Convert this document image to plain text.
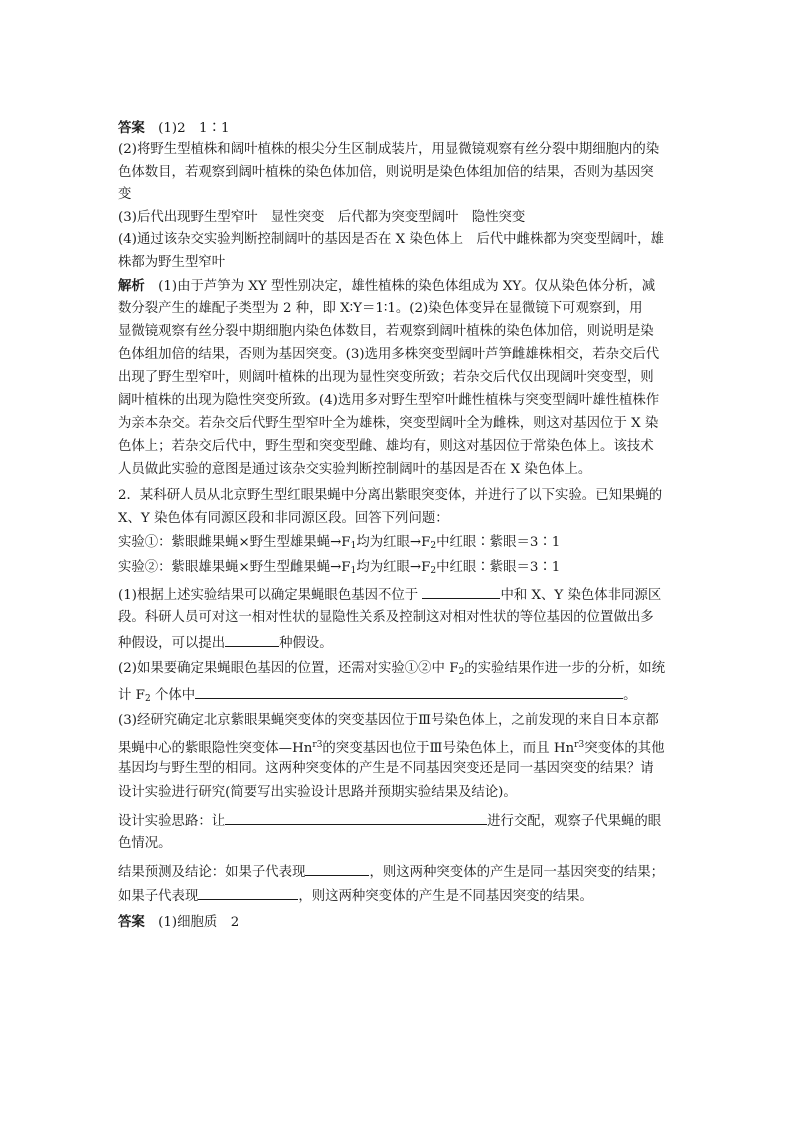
答案　 (1)2　1∶1
(2)将野生型植株和阔叶植株的根尖分生区制成装片，用显微镜观察有丝分裂中期细胞内的染
色体数目，若观察到阔叶植株的染色体加倍，则说明是染色体组加倍的结果，否则为基因突
变
(3)后代出现野生型窄叶　显性突变　后代都为突变型阔叶　隐性突变
(4)通过该杂交实验判断控制阔叶的基因是否在 X 染色体上　后代中雌株都为突变型阔叶，雄
株都为野生型窄叶
解析　 (1)由于芦笋为 XY 型性别决定，雄性植株的染色体组成为 XY。仅从染色体分析，减
数分裂产生的雄配子类型为 2 种，即 X∶Y＝1∶1。(2)染色体变异在显微镜下可观察到，用
显微镜观察有丝分裂中期细胞内染色体数目，若观察到阔叶植株的染色体加倍，则说明是染
色体组加倍的结果，否则为基因突变。(3)选用多株突变型阔叶芦笋雌雄株相交，若杂交后代
出现了野生型窄叶，则阔叶植株的出现为显性突变所致；若杂交后代仅出现阔叶突变型，则
阔叶植株的出现为隐性突变所致。(4)选用多对野生型窄叶雌性植株与突变型阔叶雄性植株作
为亲本杂交。若杂交后代野生型窄叶全为雄株，突变型阔叶全为雌株，则这对基因位于 X 染
色体上；若杂交后代中，野生型和突变型雌、雄均有，则这对基因位于常染色体上。该技术
人员做此实验的意图是通过该杂交实验判断控制阔叶的基因是否在 X 染色体上。
2．某科研人员从北京野生型红眼果蝇中分离出紫眼突变体，并进行了以下实验。已知果蝇的
X、Y 染色体有同源区段和非同源区段。回答下列问题：
实验①：紫眼雌果蝇×野生型雄果蝇$\to F_1$均为红眼$\to F_2$中红眼∶紫眼＝3∶1
实验②：紫眼雄果蝇×野生型雌果蝇$\to F_1$均为红眼$\to F_2$中红眼∶紫眼＝3∶1
(1)根据上述实验结果可以确定果蝇眼色基因不位于	中和 X、Y 染色体非同源区
段。科研人员可对这一相对性状的显隐性关系及控制这对相对性状的等位基因的位置做出多
种假设，可以提出	种假设。
(2)如果要确定果蝇眼色基因的位置，还需对实验①②中 $F_2$的实验结果作进一步的分析，如统
计 $F_2$ 个体中	。
(3)经研究确定北京紫眼果蝇突变体的突变基因位于Ⅲ号染色体上，之前发现的来自日本京都
果蝇中心的紫眼隐性突变体$—Hn^{r3}$的突变基因也位于Ⅲ号染色体上，而且 $Hn^{r3}$突变体的其他
基因均与野生型的相同。这两种突变体的产生是不同基因突变还是同一基因突变的结果？请
设计实验进行研究(简要写出实验设计思路并预期实验结果及结论)。
设计实验思路：让	进行交配，观察子代果蝇的眼
色情况。
结果预测及结论：如果子代表现	，则这两种突变体的产生是同一基因突变的结果；
如果子代表现	，则这两种突变体的产生是不同基因突变的结果。
答案　 (1)细胞质　2
